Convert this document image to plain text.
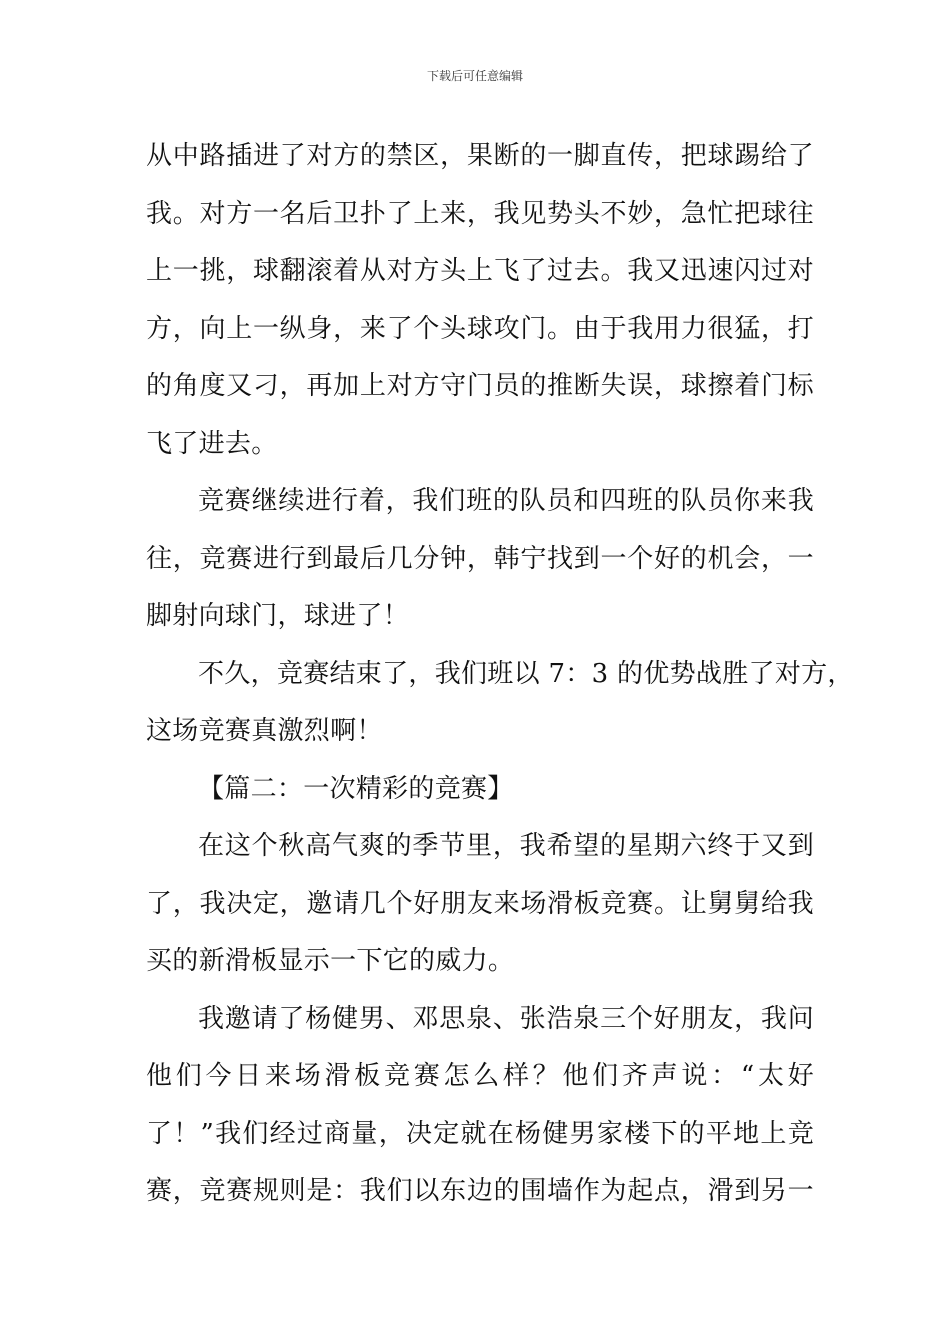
下载后可任意编辑
从中路插进了对方的禁区，果断的一脚直传，把球踢给了
我。对方一名后卫扑了上来，我见势头不妙，急忙把球往
上一挑，球翻滚着从对方头上飞了过去。我又迅速闪过对
方，向上一纵身，来了个头球攻门。由于我用力很猛，打
的角度又刁，再加上对方守门员的推断失误，球擦着门标
飞了进去。
竞赛继续进行着，我们班的队员和四班的队员你来我
往，竞赛进行到最后几分钟，韩宁找到一个好的机会，一
脚射向球门，球进了！
不久，竞赛结束了，我们班以 7：3 的优势战胜了对方，
这场竞赛真激烈啊！
【篇二：一次精彩的竞赛】
在这个秋高气爽的季节里，我希望的星期六终于又到
了，我决定，邀请几个好朋友来场滑板竞赛。让舅舅给我
买的新滑板显示一下它的威力。
我邀请了杨健男、邓思泉、张浩泉三个好朋友，我问
他们今日来场滑板竞赛怎么样？他们齐声说：“太好
了！”我们经过商量，决定就在杨健男家楼下的平地上竞
赛，竞赛规则是：我们以东边的围墙作为起点，滑到另一
